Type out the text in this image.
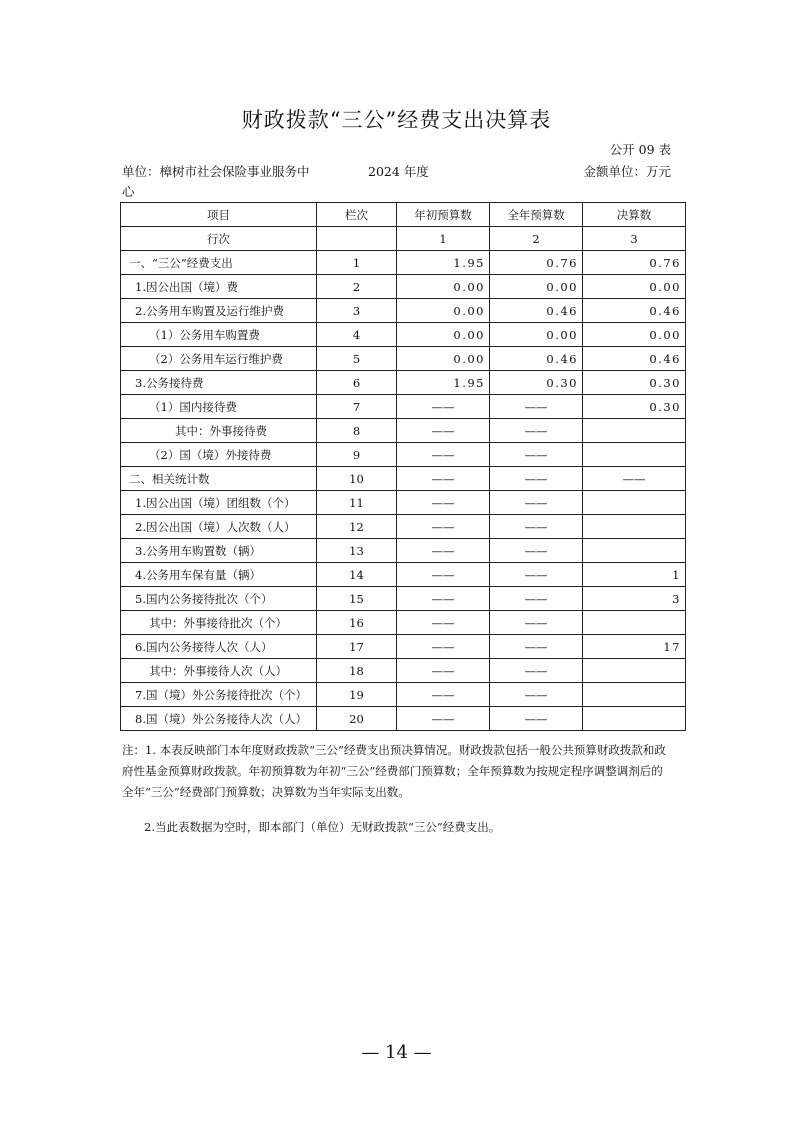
财政拨款“三公”经费支出决算表
公开 09 表
单位：樟树市社会保险事业服务中
心
2024 年度	金额单位：万元
项目	栏次	年初预算数	全年预算数	决算数
行次		1	2	3
一、“三公”经费支出	1	1.95	0.76	0.76
1.因公出国（境）费	2	0.00	0.00	0.00
2.公务用车购置及运行维护费	3	0.00	0.46	0.46
（1）公务用车购置费	4	0.00	0.00	0.00
（2）公务用车运行维护费	5	0.00	0.46	0.46
3.公务接待费	6	1.95	0.30	0.30
（1）国内接待费	7	——	——	0.30
其中：外事接待费	8	——	——	
（2）国（境）外接待费	9	——	——	
二、相关统计数	10	——	——	——
1.因公出国（境）团组数（个）	11	——	——	
2.因公出国（境）人次数（人）	12	——	——	
3.公务用车购置数（辆）	13	——	——	
4.公务用车保有量（辆）	14	——	——	1
5.国内公务接待批次（个）	15	——	——	3
其中：外事接待批次（个）	16	——	——	
6.国内公务接待人次（人）	17	——	——	17
其中：外事接待人次（人）	18	——	——	
7.国（境）外公务接待批次（个）	19	——	——	
8.国（境）外公务接待人次（人）	20	——	——	

注：1. 本表反映部门本年度财政拨款“三公”经费支出预决算情况。财政拨款包括一般公共预算财政拨款和政府性基金预算财政拨款。年初预算数为年初“三公”经费部门预算数；全年预算数为按规定程序调整调剂后的全年“三公”经费部门预算数；决算数为当年实际支出数。

2.当此表数据为空时，即本部门（单位）无财政拨款“三公”经费支出。

— 14 —
